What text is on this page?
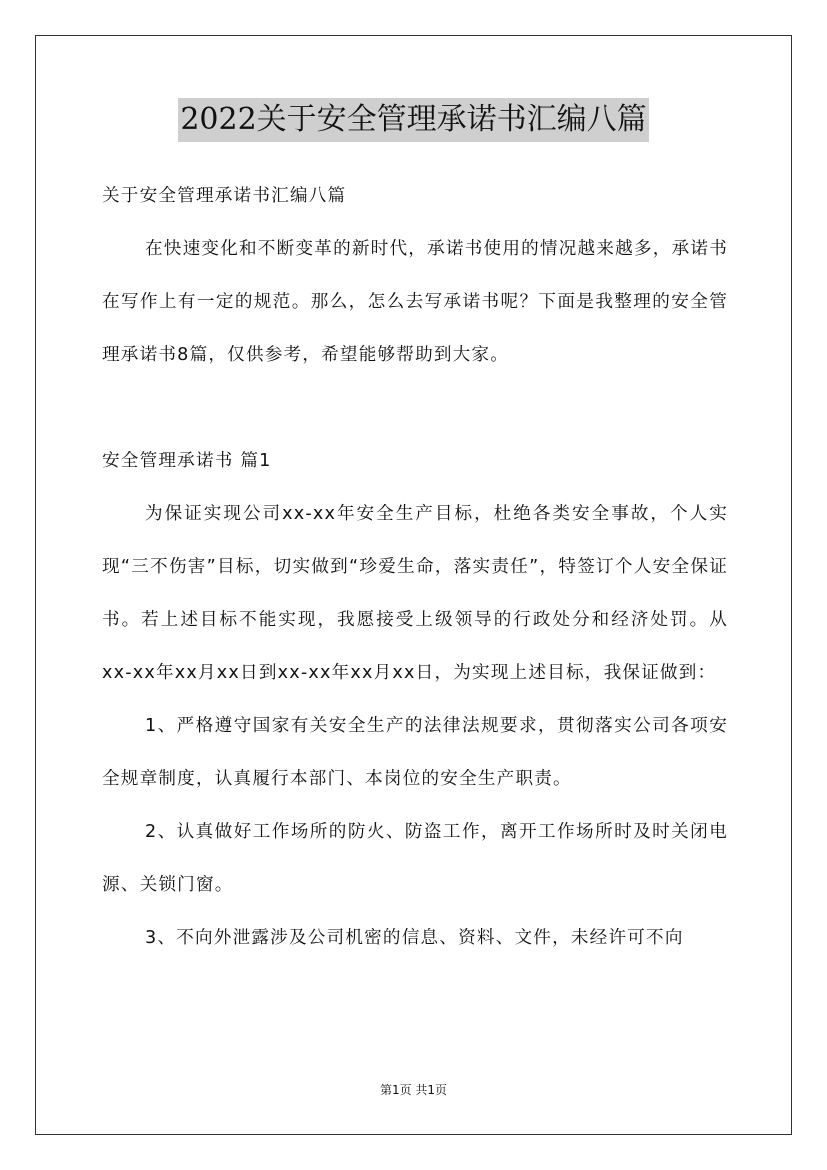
2022关于安全管理承诺书汇编八篇

关于安全管理承诺书汇编八篇

在快速变化和不断变革的新时代，承诺书使用的情况越来越多，承诺书在写作上有一定的规范。那么，怎么去写承诺书呢？下面是我整理的安全管理承诺书8篇，仅供参考，希望能够帮助到大家。

安全管理承诺书 篇1

为保证实现公司xx-xx年安全生产目标，杜绝各类安全事故，个人实现“三不伤害”目标，切实做到“珍爱生命，落实责任”，特签订个人安全保证书。若上述目标不能实现，我愿接受上级领导的行政处分和经济处罚。从xx-xx年xx月xx日到xx-xx年xx月xx日，为实现上述目标，我保证做到：

1、严格遵守国家有关安全生产的法律法规要求，贯彻落实公司各项安全规章制度，认真履行本部门、本岗位的安全生产职责。

2、认真做好工作场所的防火、防盗工作，离开工作场所时及时关闭电源、关锁门窗。

3、不向外泄露涉及公司机密的信息、资料、文件，未经许可不向

第1页 共1页
